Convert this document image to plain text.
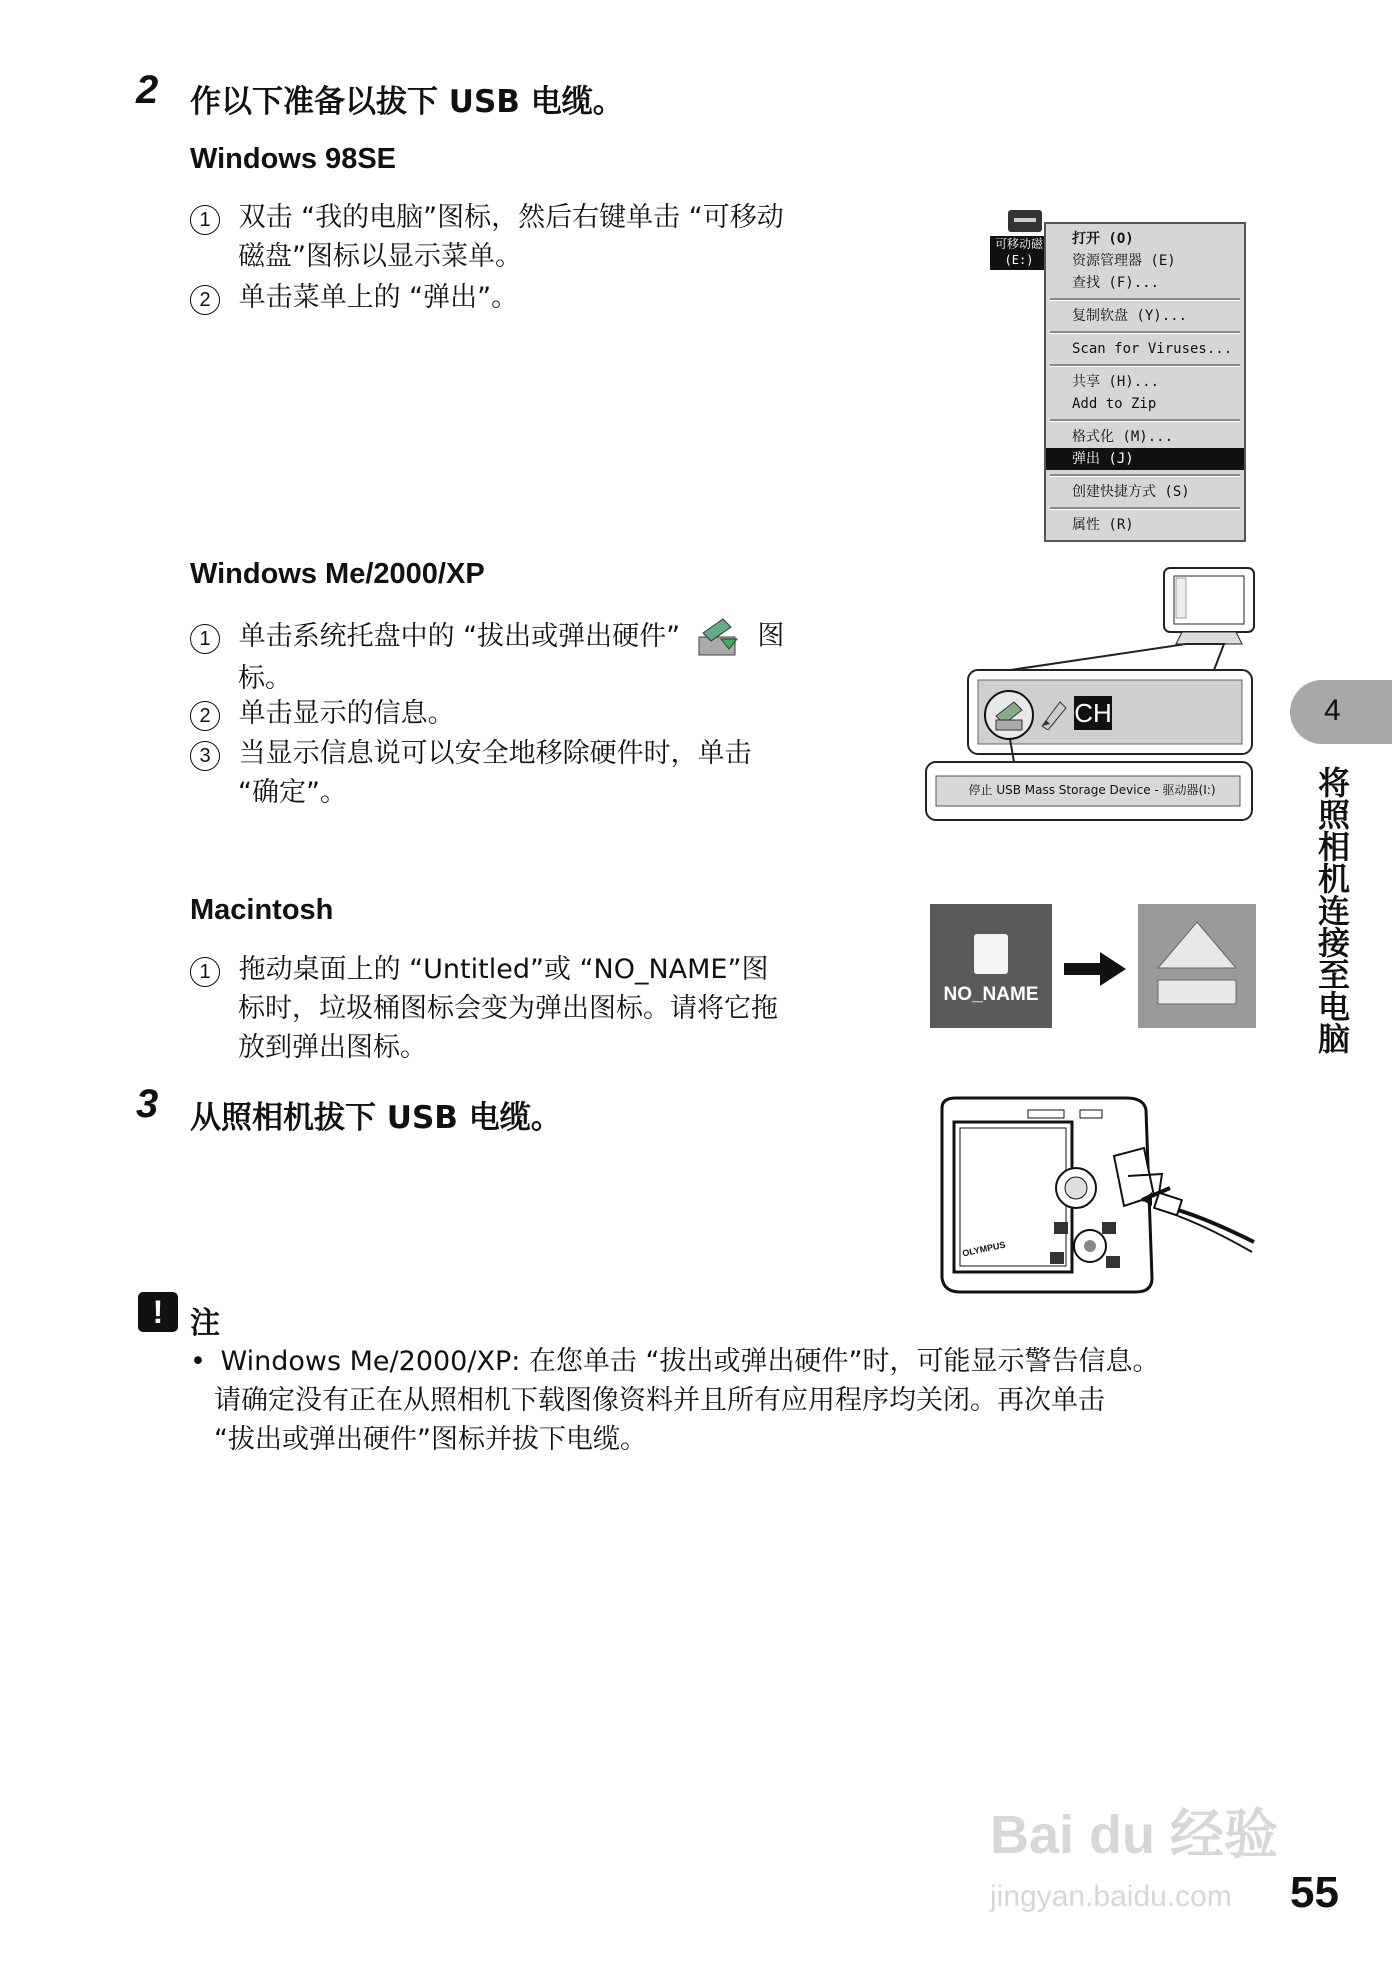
2 作以下准备以拔下 USB 电缆。
Windows 98SE
1 双击 “我的电脑”图标，然后右键单击 “可移动
磁盘”图标以显示菜单。
2 单击菜单上的 “弹出”。
可移动磁
(E:)
打开 (O)
资源管理器 (E)
查找 (F)...
复制软盘 (Y)...
Scan for Viruses...
共享 (H)...
Add to Zip
格式化 (M)...
弹出 (J)
创建快捷方式 (S)
属性 (R)
Windows Me/2000/XP
1 单击系统托盘中的 “拔出或弹出硬件”	图
标。
2 单击显示的信息。
3 当显示信息说可以安全地移除硬件时，单击
“确定”。
CH
停止 USB Mass Storage Device - 驱动器(I:)
Macintosh
1 拖动桌面上的 “Untitled”或 “NO_NAME”图
标时，垃圾桶图标会变为弹出图标。请将它拖
放到弹出图标。
NO_NAME
3 从照相机拔下 USB 电缆。
OLYMPUS
! 注
• Windows Me/2000/XP: 在您单击 “拔出或弹出硬件”时，可能显示警告信息。
请确定没有正在从照相机下载图像资料并且所有应用程序均关闭。再次单击
“拔出或弹出硬件”图标并拔下电缆。
4
将照相机连接至电脑
Bai du 经验
jingyan.baidu.com 55
